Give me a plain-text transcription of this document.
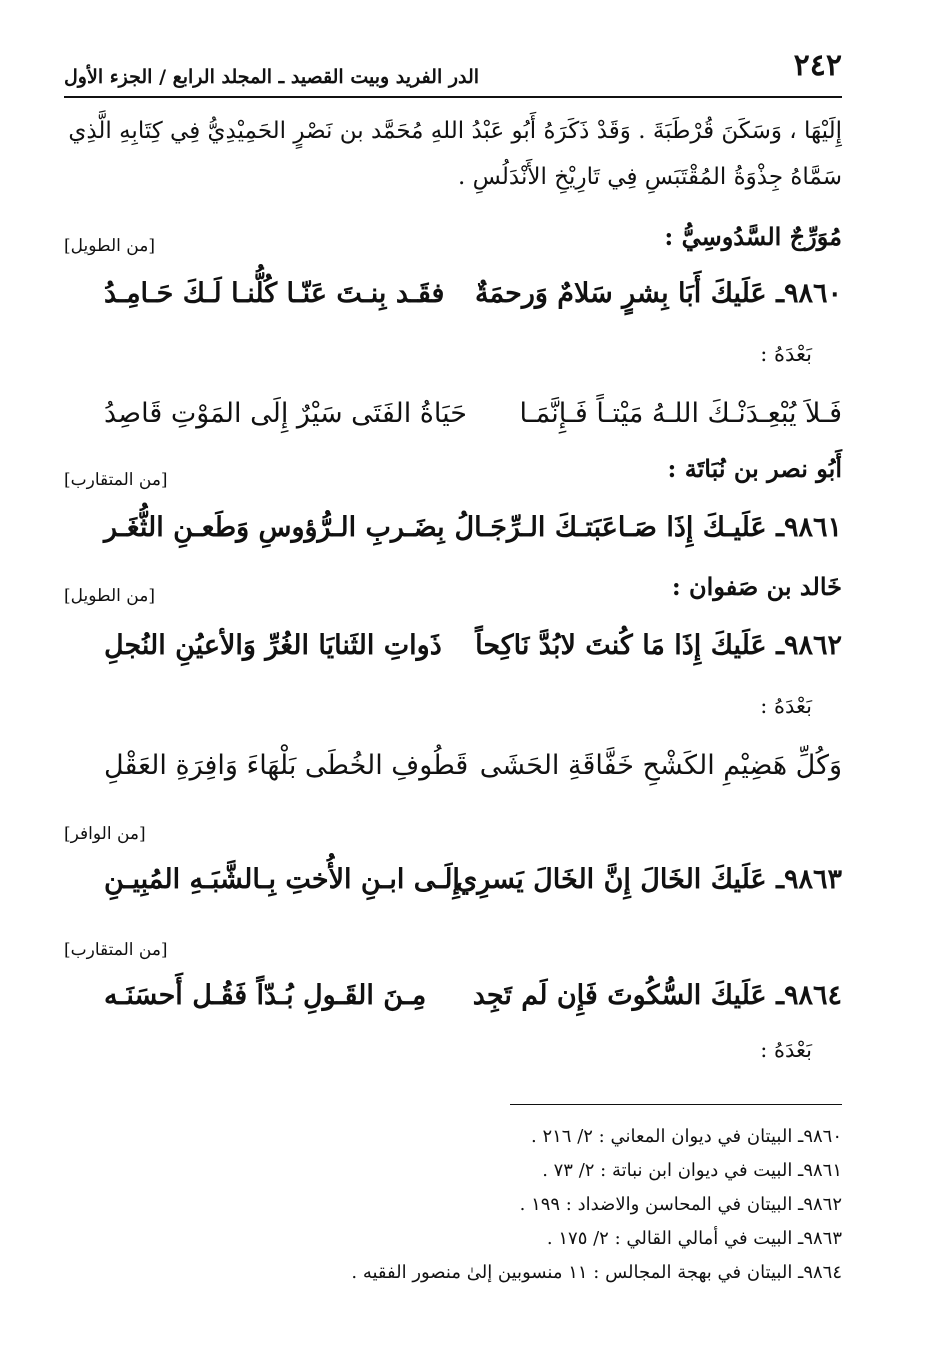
٢٤٢
الدر الفريد وبيت القصيد ـ المجلد الرابع / الجزء الأول

إِلَيْهَا ، وَسَكَنَ قُرْطَبَةَ . وَقَدْ ذَكَرَهُ أَبُو عَبْدُ اللهِ مُحَمَّد بن نَصْرٍ الحَمِيْدِيُّ فِي كِتَابِهِ الَّذِي

سَمَّاهُ جِذْوَةُ المُقْتَبَسِ فِي تَارِيْخِ الأَنْدَلُسِ .

مُوَرِّجٌ السَّدُوسِيُّ :
[من الطويل]
٩٨٦٠ـ عَلَيكَ أَبَا بِشرٍ سَلامٌ وَرحمَةٌ
فقَـد بِنـتَ عَنّـا كُلُّنـا لَـكَ حَـامِـدُ
بَعْدَهُ :
فَـلاَ يُبْعِـدَنْـكَ اللـهُ مَيْتـاً فَـإِنَّمَـا
حَيَاةُ الفَتَى سَيْرٌ إِلَى المَوْتِ قَاصِدُ
أَبُو نصر بن نُبَاتَة :
[من المتقارب]
٩٨٦١ـ عَلَيـكَ إِذَا صَـاعَبَتـكَ الـرِّجَـالُ
بِضَـربِ الـرُّؤوسِ وَطَعـنِ الثُّغَـر
خَالد بن صَفوان :
[من الطويل]
٩٨٦٢ـ عَلَيكَ إِذَا مَا كُنتَ لابُدَّ نَاكِحاً
ذَواتِ الثَنايَا الغُرِّ وَالأعيُنِ النُجلِ
بَعْدَهُ :
وَكُلِّ هَضِيْمِ الكَشْحِ خَفَّاقَةِ الحَشَى
قَطُوفِ الخُطَى بَلْهَاءَ وَافِرَةِ العَقْلِ
[من الوافر]
٩٨٦٣ـ عَلَيكَ الخَالَ إِنَّ الخَالَ يَسرِي
إِلَـى ابـنِ الأُختِ بِـالشَّبَـهِ المُبِيـنِ
[من المتقارب]
٩٨٦٤ـ عَلَيكَ السُّكُوتَ فَإِن لَم تَجِد
مِـنَ القَـولِ بُـدّاً فَقُـل أَحسَنَـه
بَعْدَهُ :
٩٨٦٠ـ البيتان في ديوان المعاني : ٢/ ٢١٦ .
٩٨٦١ـ البيت في ديوان ابن نباتة : ٢/ ٧٣ .
٩٨٦٢ـ البيتان في المحاسن والاضداد : ١٩٩ .
٩٨٦٣ـ البيت في أمالي القالي : ٢/ ١٧٥ .
٩٨٦٤ـ البيتان في بهجة المجالس : ١١ منسوبين إلىٰ منصور الفقيه .
